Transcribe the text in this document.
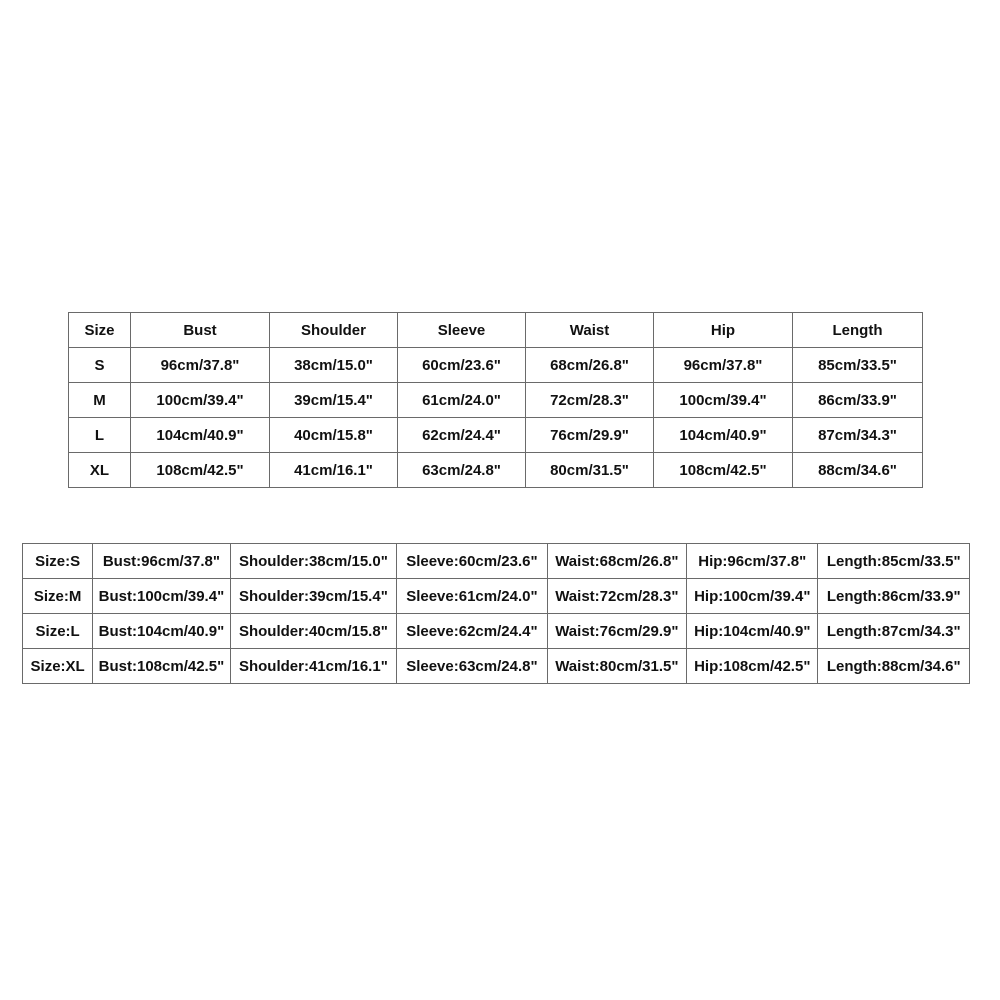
Size	Bust	Shoulder	Sleeve	Waist	Hip	Length
S	96cm/37.8"	38cm/15.0"	60cm/23.6"	68cm/26.8"	96cm/37.8"	85cm/33.5"
M	100cm/39.4"	39cm/15.4"	61cm/24.0"	72cm/28.3"	100cm/39.4"	86cm/33.9"
L	104cm/40.9"	40cm/15.8"	62cm/24.4"	76cm/29.9"	104cm/40.9"	87cm/34.3"
XL	108cm/42.5"	41cm/16.1"	63cm/24.8"	80cm/31.5"	108cm/42.5"	88cm/34.6"
Size:S	Bust:96cm/37.8"	Shoulder:38cm/15.0"	Sleeve:60cm/23.6"	Waist:68cm/26.8"	Hip:96cm/37.8"	Length:85cm/33.5"
Size:M	Bust:100cm/39.4"	Shoulder:39cm/15.4"	Sleeve:61cm/24.0"	Waist:72cm/28.3"	Hip:100cm/39.4"	Length:86cm/33.9"
Size:L	Bust:104cm/40.9"	Shoulder:40cm/15.8"	Sleeve:62cm/24.4"	Waist:76cm/29.9"	Hip:104cm/40.9"	Length:87cm/34.3"
Size:XL	Bust:108cm/42.5"	Shoulder:41cm/16.1"	Sleeve:63cm/24.8"	Waist:80cm/31.5"	Hip:108cm/42.5"	Length:88cm/34.6"
